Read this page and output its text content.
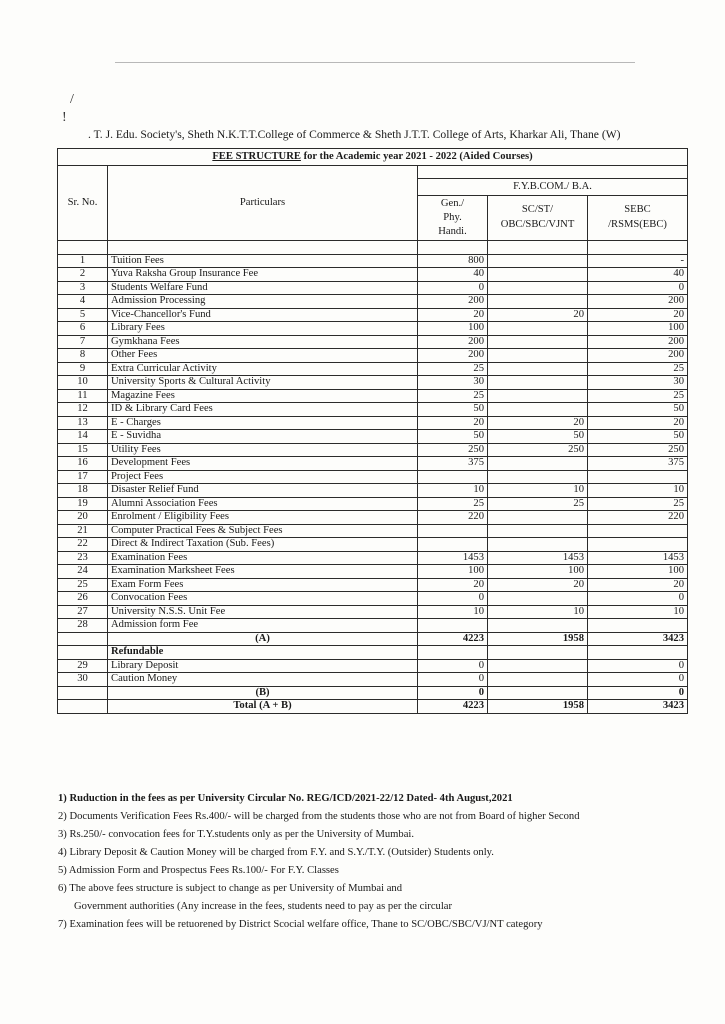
/
!
. T. J. Edu. Society's, Sheth N.K.T.T.College of Commerce & Sheth J.T.T. College of Arts, Kharkar Ali, Thane (W)
FEE STRUCTURE for the Academic year 2021 - 2022 (Aided Courses)				
Sr. No.	Particulars			
		F.Y.B.COM./ B.A.		
		Gen./
Phy.
Handi.	SC/ST/
OBC/SBC/VJNT	SEBC
/RSMS(EBC)

1	Tuition Fees	800		-
2	Yuva Raksha Group Insurance Fee	40		40
3	Students Welfare Fund	0		0
4	Admission Processing	200		200
5	Vice-Chancellor's Fund	20	20	20
6	Library Fees	100		100
7	Gymkhana Fees	200		200
8	Other Fees	200		200
9	Extra Curricular Activity	25		25
10	University Sports & Cultural Activity	30		30
11	Magazine Fees	25		25
12	ID & Library Card Fees	50		50
13	E - Charges	20	20	20
14	E - Suvidha	50	50	50
15	Utility Fees	250	250	250
16	Development Fees	375		375
17	Project Fees			
18	Disaster Relief Fund	10	10	10
19	Alumni Association Fees	25	25	25
20	Enrolment / Eligibility Fees	220		220
21	Computer Practical Fees & Subject Fees			
22	Direct & Indirect Taxation (Sub. Fees)			
23	Examination Fees	1453	1453	1453
24	Examination Marksheet Fees	100	100	100
25	Exam Form Fees	20	20	20
26	Convocation Fees	0		0
27	University N.S.S. Unit Fee	10	10	10
28	Admission form Fee			
	(A)	4223	1958	3423
	Refundable			
29	Library Deposit	0		0
30	Caution Money	0		0
	(B)	0		0
	Total (A + B)	4223	1958	3423
1) Ruduction in the fees as per University Circular No. REG/ICD/2021-22/12 Dated- 4th August,2021
2) Documents Verification Fees Rs.400/- will be charged from the students those who are not from Board of higher Second
3) Rs.250/- convocation fees for T.Y.students only as per the University of Mumbai.
4) Library Deposit & Caution Money will be charged from F.Y. and S.Y./T.Y. (Outsider) Students only.
5) Admission Form and Prospectus Fees Rs.100/- For F.Y. Classes
6) The above fees structure is subject to change as per University of Mumbai and
Government authorities (Any increase in the fees, students need to pay as per the circular
7) Examination fees will be retuorened by District Scocial welfare office, Thane to SC/OBC/SBC/VJ/NT category
